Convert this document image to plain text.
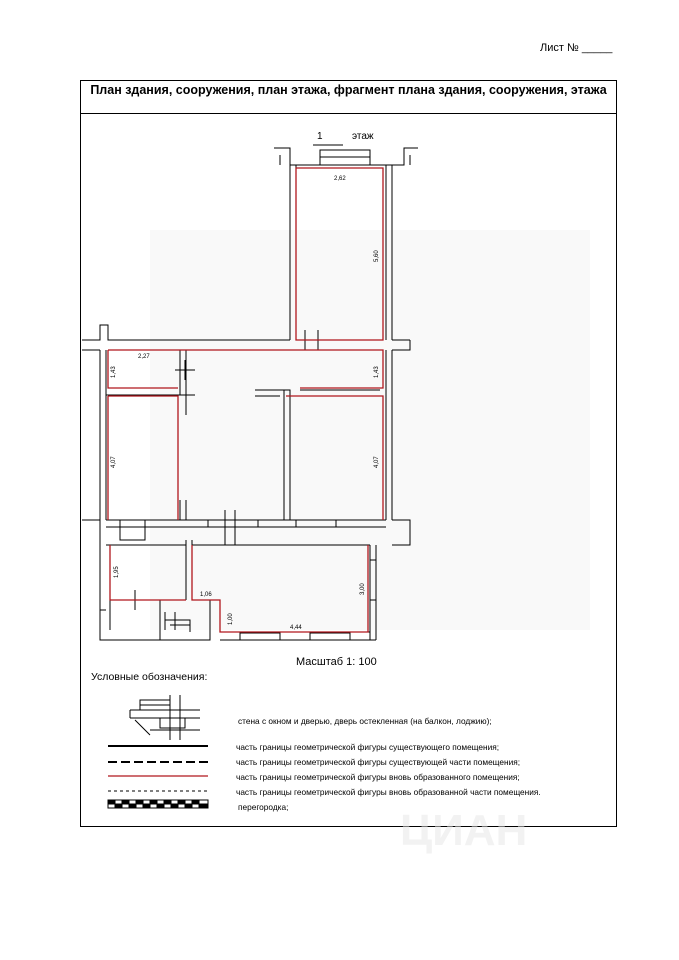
Лист № _____
План здания, сооружения, план этажа, фрагмент плана здания, сооружения, этажа
ЦИАН
2,62
5,60
2,27
1,43	1,43
4,07	4,07
1,95
1,06
1,00
3,00
4,44
1	этаж
Масштаб 1: 100
Условные обозначения:
стена с окном и дверью, дверь остекленная (на балкон, лоджию);
часть границы геометрической фигуры существующего помещения;
часть границы геометрической фигуры существующей части помещения;
часть границы геометрической фигуры вновь образованного помещения;
часть границы геометрической фигуры вновь образованной части помещения.
перегородка;
